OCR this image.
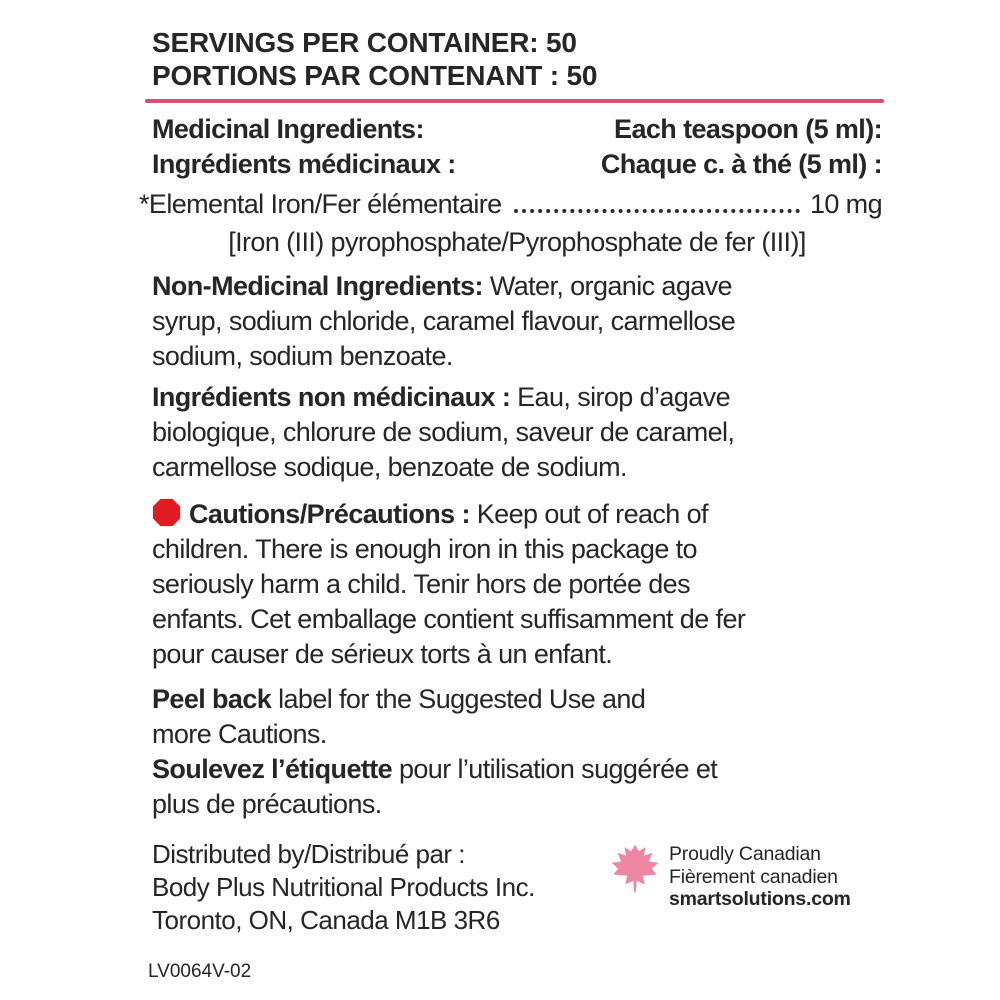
SERVINGS PER CONTAINER: 50
PORTIONS PAR CONTENANT : 50
Medicinal Ingredients:
Ingrédients médicinaux :
Each teaspoon (5 ml):
Chaque c. à thé (5 ml) :
*Elemental Iron/Fer élémentaire	10 mg
[Iron (III) pyrophosphate/Pyrophosphate de fer (III)]
Non-Medicinal Ingredients: Water, organic agave
syrup, sodium chloride, caramel flavour, carmellose
sodium, sodium benzoate.
Ingrédients non médicinaux : Eau, sirop d’agave
biologique, chlorure de sodium, saveur de caramel,
carmellose sodique, benzoate de sodium.
Cautions/Précautions : Keep out of reach of
children. There is enough iron in this package to
seriously harm a child. Tenir hors de portée des
enfants. Cet emballage contient suffisamment de fer
pour causer de sérieux torts à un enfant.
Peel back label for the Suggested Use and
more Cautions.
Soulevez l’étiquette pour l’utilisation suggérée et
plus de précautions.
Distributed by/Distribué par :
Body Plus Nutritional Products Inc.
Toronto, ON, Canada M1B 3R6
Proudly Canadian
Fièrement canadien
smartsolutions.com
LV0064V-02
